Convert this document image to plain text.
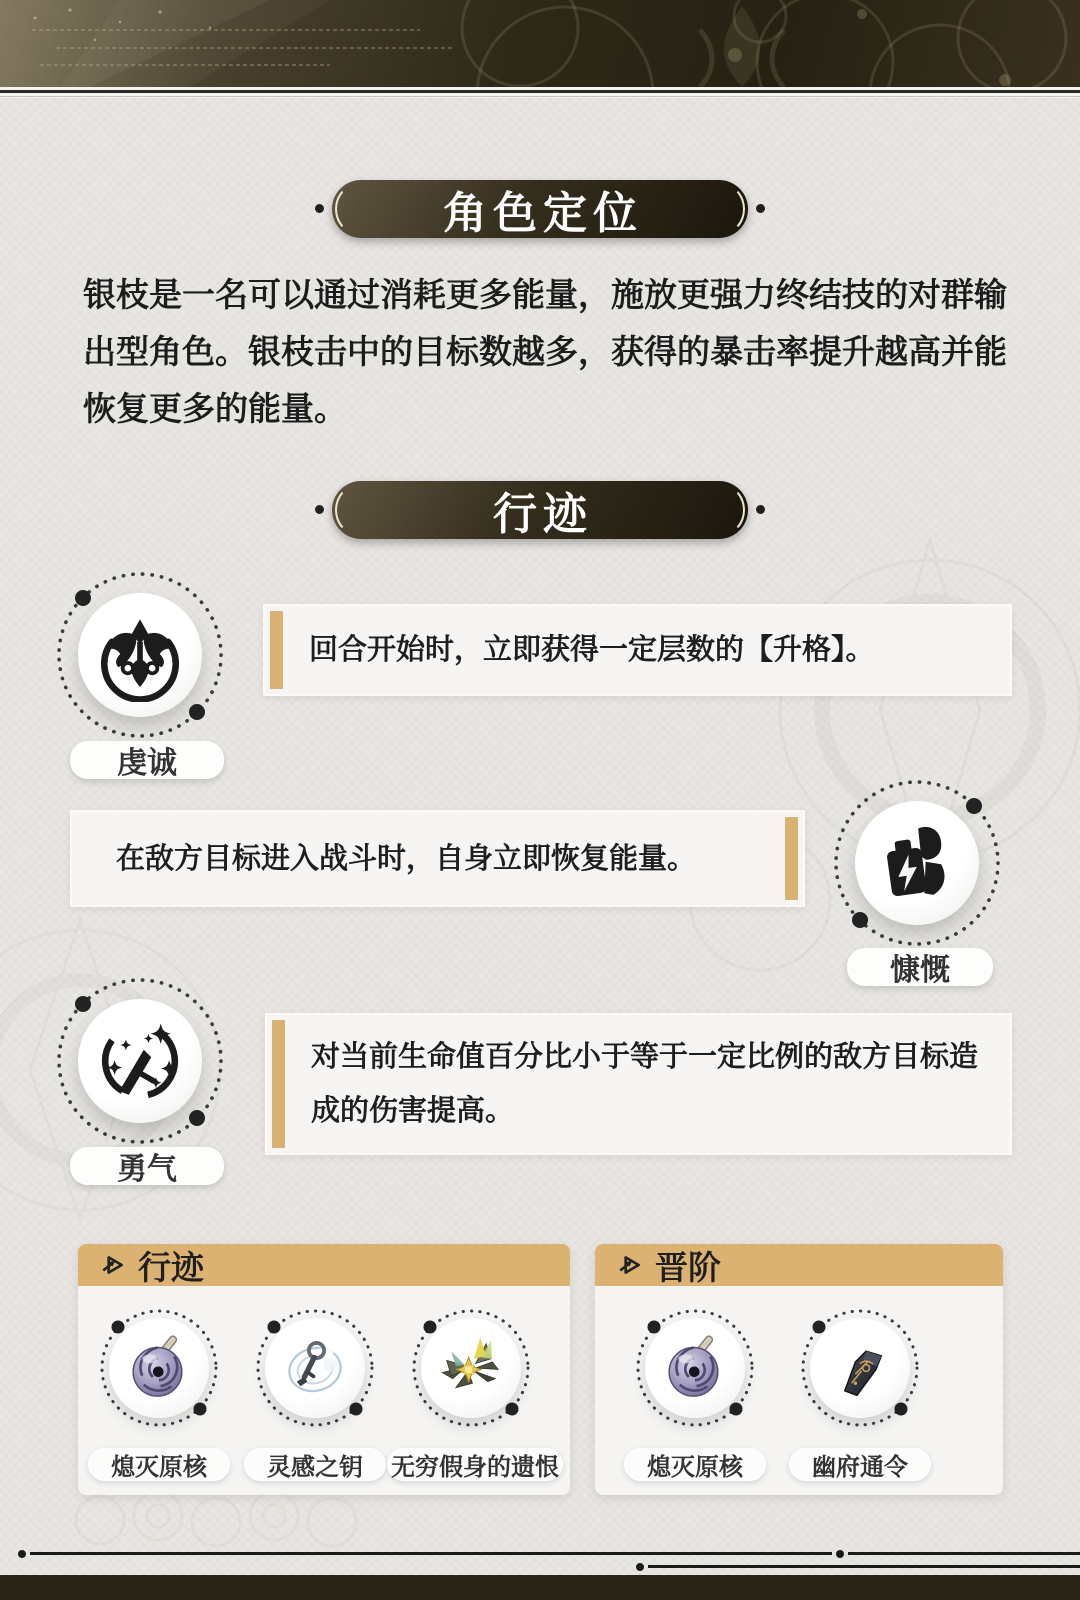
角色定位

银枝是一名可以通过消耗更多能量，施放更强力终结技的对群输出型角色。银枝击中的目标数越多，获得的暴击率提升越高并能恢复更多的能量。

行迹
虔诚
回合开始时，立即获得一定层数的【升格】。
在敌方目标进入战斗时，自身立即恢复能量。
慷慨
勇气
对当前生命值百分比小于等于一定比例的敌方目标造成的伤害提高。
行迹
熄灭原核	灵感之钥 无穷假身的遗恨
晋阶
熄灭原核	幽府通令
